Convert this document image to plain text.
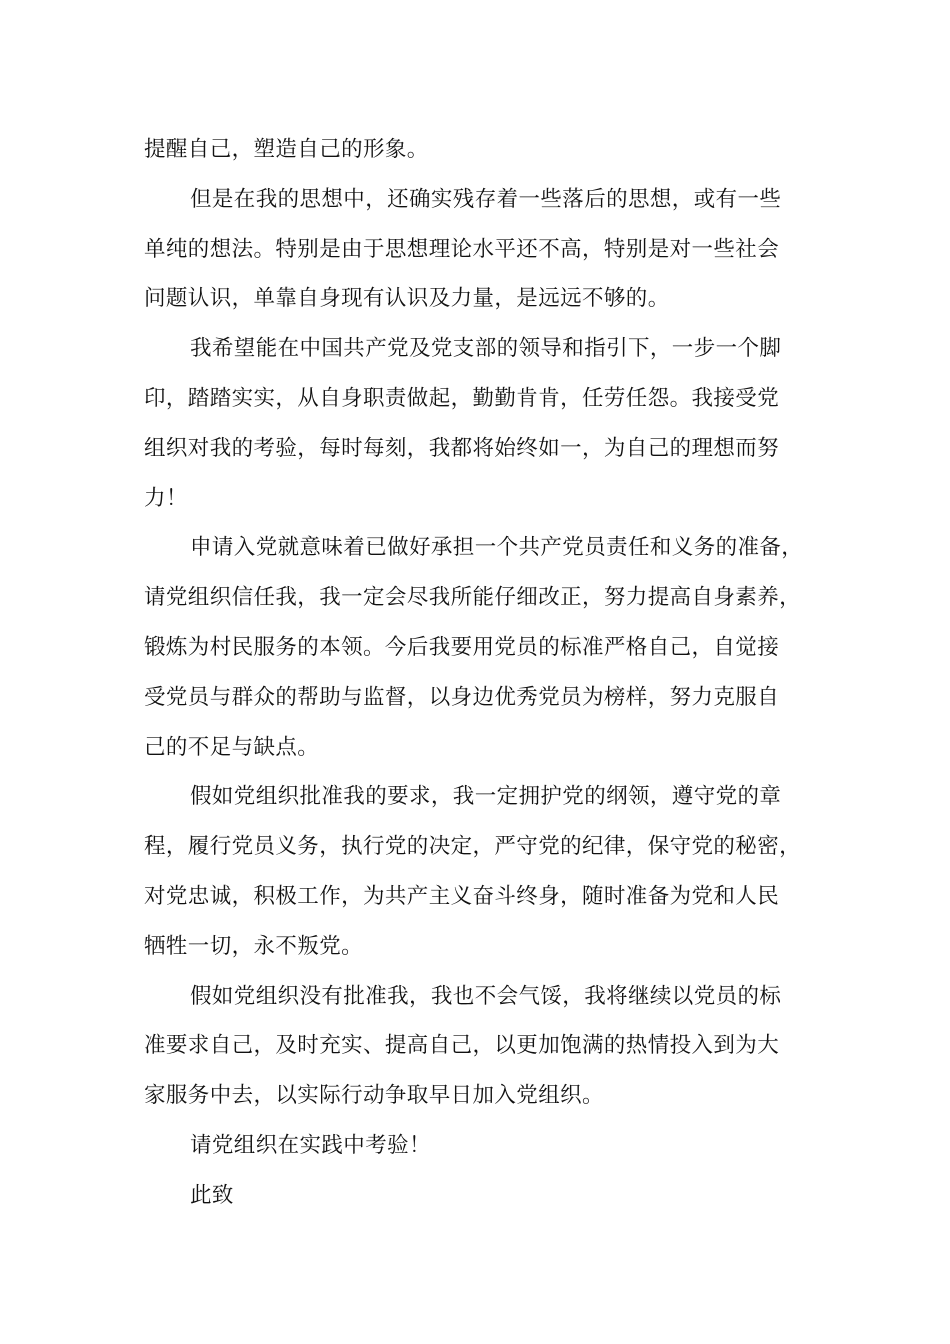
提醒自己，塑造自己的形象。
但是在我的思想中，还确实残存着一些落后的思想，或有一些
单纯的想法。特别是由于思想理论水平还不高，特别是对一些社会
问题认识，单靠自身现有认识及力量，是远远不够的。
我希望能在中国共产党及党支部的领导和指引下，一步一个脚
印，踏踏实实，从自身职责做起，勤勤肯肯，任劳任怨。我接受党
组织对我的考验，每时每刻，我都将始终如一，为自己的理想而努
力！
申请入党就意味着已做好承担一个共产党员责任和义务的准备，
请党组织信任我，我一定会尽我所能仔细改正，努力提高自身素养，
锻炼为村民服务的本领。今后我要用党员的标准严格自己，自觉接
受党员与群众的帮助与监督，以身边优秀党员为榜样，努力克服自
己的不足与缺点。
假如党组织批准我的要求，我一定拥护党的纲领，遵守党的章
程，履行党员义务，执行党的决定，严守党的纪律，保守党的秘密，
对党忠诚，积极工作，为共产主义奋斗终身，随时准备为党和人民
牺牲一切，永不叛党。
假如党组织没有批准我，我也不会气馁，我将继续以党员的标
准要求自己，及时充实、提高自己，以更加饱满的热情投入到为大
家服务中去，以实际行动争取早日加入党组织。
请党组织在实践中考验！
此致
